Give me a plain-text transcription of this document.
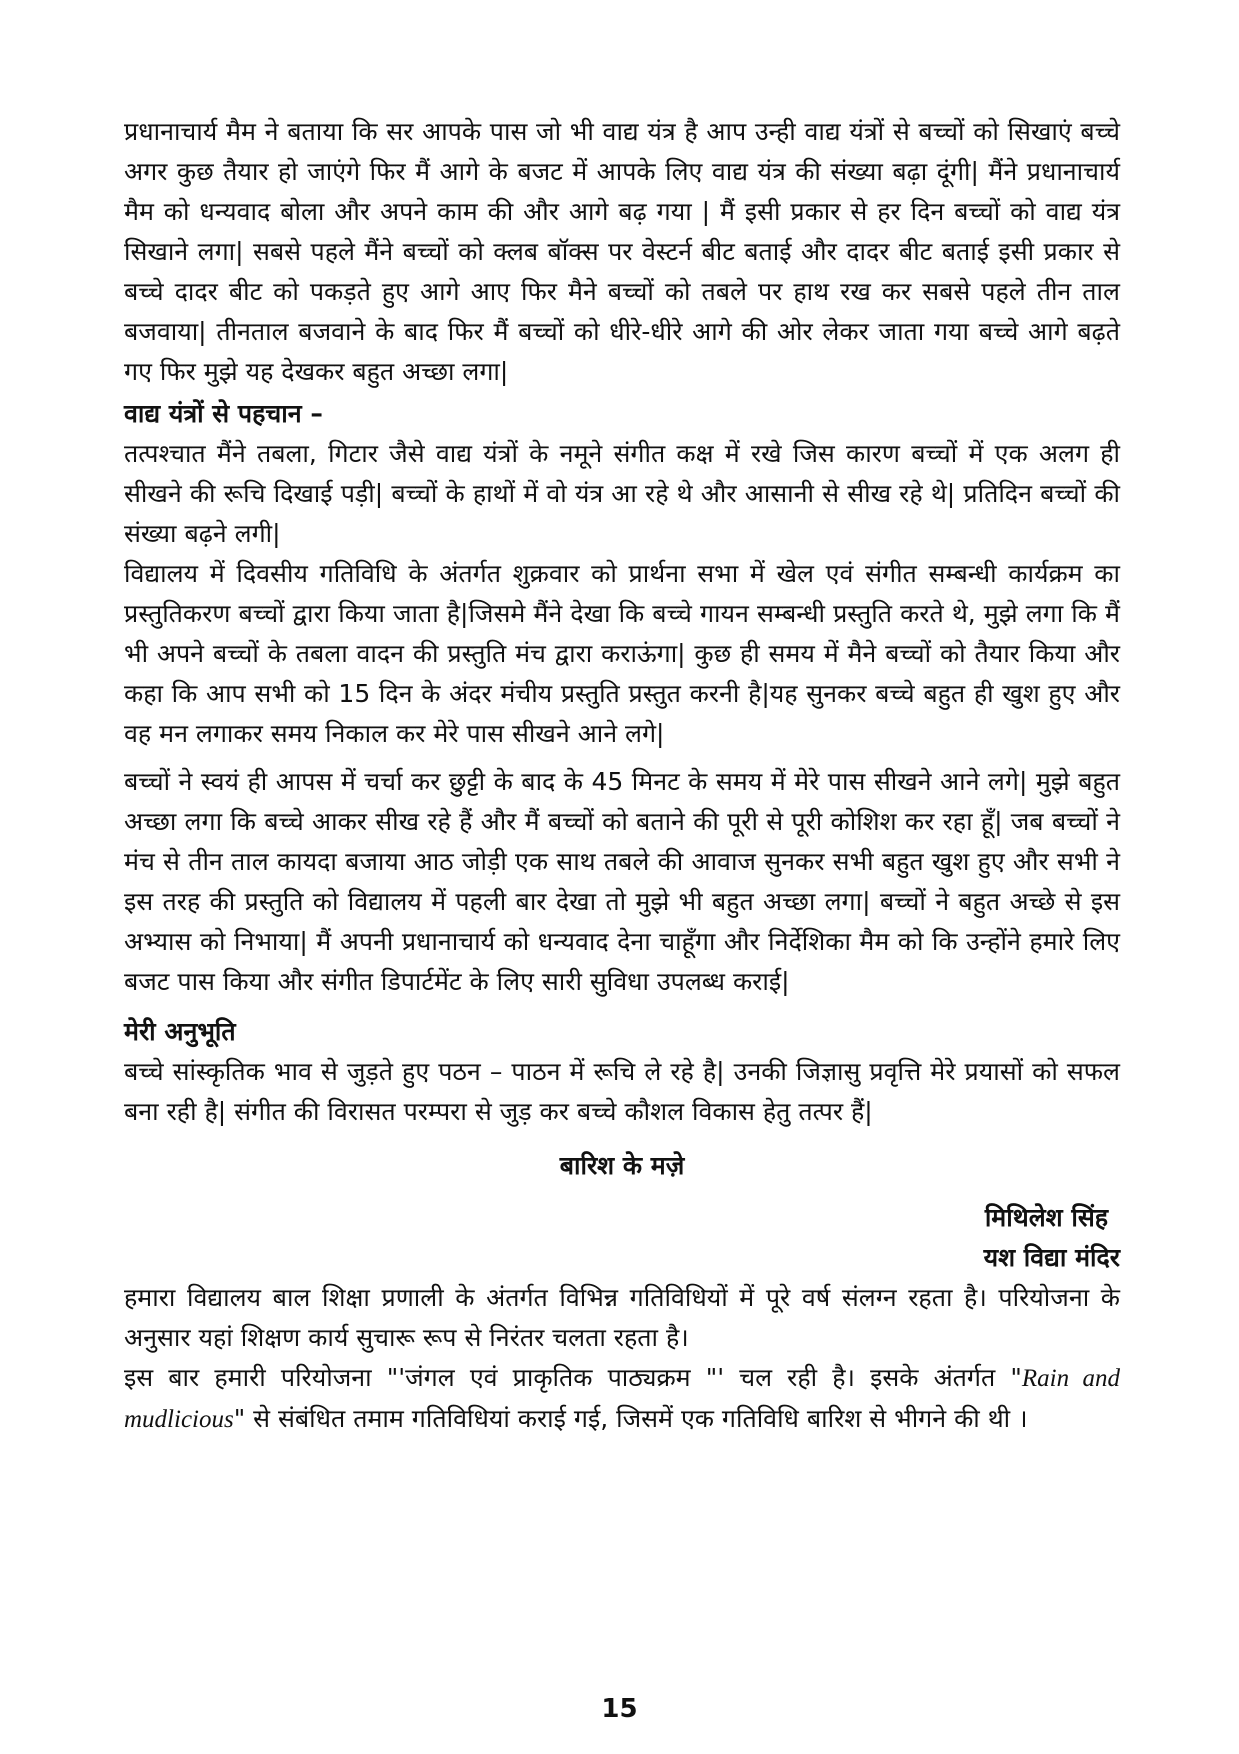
प्रधानाचार्य मैम ने बताया कि सर आपके पास जो भी वाद्य यंत्र है आप उन्ही वाद्य यंत्रों से बच्चों को सिखाएं बच्चे अगर कुछ तैयार हो जाएंगे फिर मैं आगे के बजट में आपके लिए वाद्य यंत्र की संख्या बढ़ा दूंगी| मैंने प्रधानाचार्य मैम को धन्यवाद बोला और अपने काम की और आगे बढ़ गया | मैं इसी प्रकार से हर दिन बच्चों को वाद्य यंत्र सिखाने लगा| सबसे पहले मैंने बच्चों को क्लब बॉक्स पर वेस्टर्न बीट बताई और दादर बीट बताई इसी प्रकार से बच्चे दादर बीट को पकड़ते हुए आगे आए फिर मैने बच्चों को तबले पर हाथ रख कर सबसे पहले तीन ताल बजवाया| तीनताल बजवाने के बाद फिर मैं बच्चों को धीरे-धीरे आगे की ओर लेकर जाता गया बच्चे आगे बढ़ते गए फिर मुझे यह देखकर बहुत अच्छा लगा|

वाद्य यंत्रों से पहचान –

तत्पश्चात मैंने तबला, गिटार जैसे वाद्य यंत्रों के नमूने संगीत कक्ष में रखे जिस कारण बच्चों में एक अलग ही सीखने की रूचि दिखाई पड़ी| बच्चों के हाथों में वो यंत्र आ रहे थे और आसानी से सीख रहे थे| प्रतिदिन बच्चों की संख्या बढ़ने लगी|

विद्यालय में दिवसीय गतिविधि के अंतर्गत शुक्रवार को प्रार्थना सभा में खेल एवं संगीत सम्बन्धी कार्यक्रम का प्रस्तुतिकरण बच्चों द्वारा किया जाता है|जिसमे मैंने देखा कि बच्चे गायन सम्बन्धी प्रस्तुति करते थे, मुझे लगा कि मैं भी अपने बच्चों के तबला वादन की प्रस्तुति मंच द्वारा कराऊंगा| कुछ ही समय में मैने बच्चों को तैयार किया और कहा कि आप सभी को 15 दिन के अंदर मंचीय प्रस्तुति प्रस्तुत करनी है|यह सुनकर बच्चे बहुत ही खुश हुए और वह मन लगाकर समय निकाल कर मेरे पास सीखने आने लगे|

बच्चों ने स्वयं ही आपस में चर्चा कर छुट्टी के बाद के 45 मिनट के समय में मेरे पास सीखने आने लगे| मुझे बहुत अच्छा लगा कि बच्चे आकर सीख रहे हैं और मैं बच्चों को बताने की पूरी से पूरी कोशिश कर रहा हूँ| जब बच्चों ने मंच से तीन ताल कायदा बजाया आठ जोड़ी एक साथ तबले की आवाज सुनकर सभी बहुत खुश हुए और सभी ने इस तरह की प्रस्तुति को विद्यालय में पहली बार देखा तो मुझे भी बहुत अच्छा लगा| बच्चों ने बहुत अच्छे से इस अभ्यास को निभाया| मैं अपनी प्रधानाचार्य को धन्यवाद देना चाहूँगा और निर्देशिका मैम को कि उन्होंने हमारे लिए बजट पास किया और संगीत डिपार्टमेंट के लिए सारी सुविधा उपलब्ध कराई|

मेरी अनुभूति

बच्चे सांस्कृतिक भाव से जुड़ते हुए पठन – पाठन में रूचि ले रहे है| उनकी जिज्ञासु प्रवृत्ति मेरे प्रयासों को सफल बना रही है| संगीत की विरासत परम्परा से जुड़ कर बच्चे कौशल विकास हेतु तत्पर हैं|

बारिश के मज़े
मिथिलेश सिंह
यश विद्या मंदिर

हमारा विद्यालय बाल शिक्षा प्रणाली के अंतर्गत विभिन्न गतिविधियों में पूरे वर्ष संलग्न रहता है। परियोजना के अनुसार यहां शिक्षण कार्य सुचारू रूप से निरंतर चलता रहता है।

इस बार हमारी परियोजना "'जंगल एवं प्राकृतिक पाठ्यक्रम "' चल रही है। इसके अंतर्गत "Rain and mudlicious" से संबंधित तमाम गतिविधियां कराई गई, जिसमें एक गतिविधि बारिश से भीगने की थी ।

15
